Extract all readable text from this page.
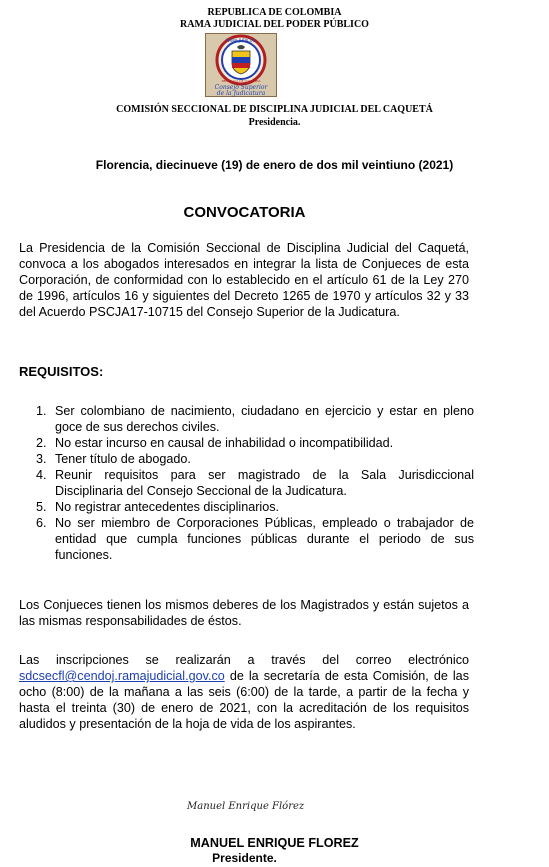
REPUBLICA DE COLOMBIA
RAMA JUDICIAL DEL PODER PÚBLICO
RAMA JUDICIAL
REPUBLICA DE COLOMBIA
Consejo Superior
de la Judicatura
COMISIÓN SECCIONAL DE DISCIPLINA JUDICIAL DEL CAQUETÁ
Presidencia.
Florencia, diecinueve (19) de enero de dos mil veintiuno (2021)
CONVOCATORIA
La Presidencia de la Comisión Seccional de Disciplina Judicial del Caquetá, convoca a los abogados interesados en integrar la lista de Conjueces de esta Corporación, de conformidad con lo establecido en el artículo 61 de la Ley 270 de 1996, artículos 16 y siguientes del Decreto 1265 de 1970 y artículos 32 y 33 del Acuerdo PSCJA17-10715 del Consejo Superior de la Judicatura.
REQUISITOS:
1. Ser colombiano de nacimiento, ciudadano en ejercicio y estar en pleno goce de sus derechos civiles.
2. No estar incurso en causal de inhabilidad o incompatibilidad.
3. Tener título de abogado.
4. Reunir requisitos para ser magistrado de la Sala Jurisdiccional Disciplinaria del Consejo Seccional de la Judicatura.
5. No registrar antecedentes disciplinarios.
6. No ser miembro de Corporaciones Públicas, empleado o trabajador de entidad que cumpla funciones públicas durante el periodo de sus funciones.
Los Conjueces tienen los mismos deberes de los Magistrados y están sujetos a las mismas responsabilidades de éstos.
Las inscripciones se realizarán a través del correo electrónico sdcsecfl@cendoj.ramajudicial.gov.co de la secretaría de esta Comisión, de las ocho (8:00) de la mañana a las seis (6:00) de la tarde, a partir de la fecha y hasta el treinta (30) de enero de 2021, con la acreditación de los requisitos aludidos y presentación de la hoja de vida de los aspirantes.
Manuel Enrique Flórez
MANUEL ENRIQUE FLOREZ
Presidente.
